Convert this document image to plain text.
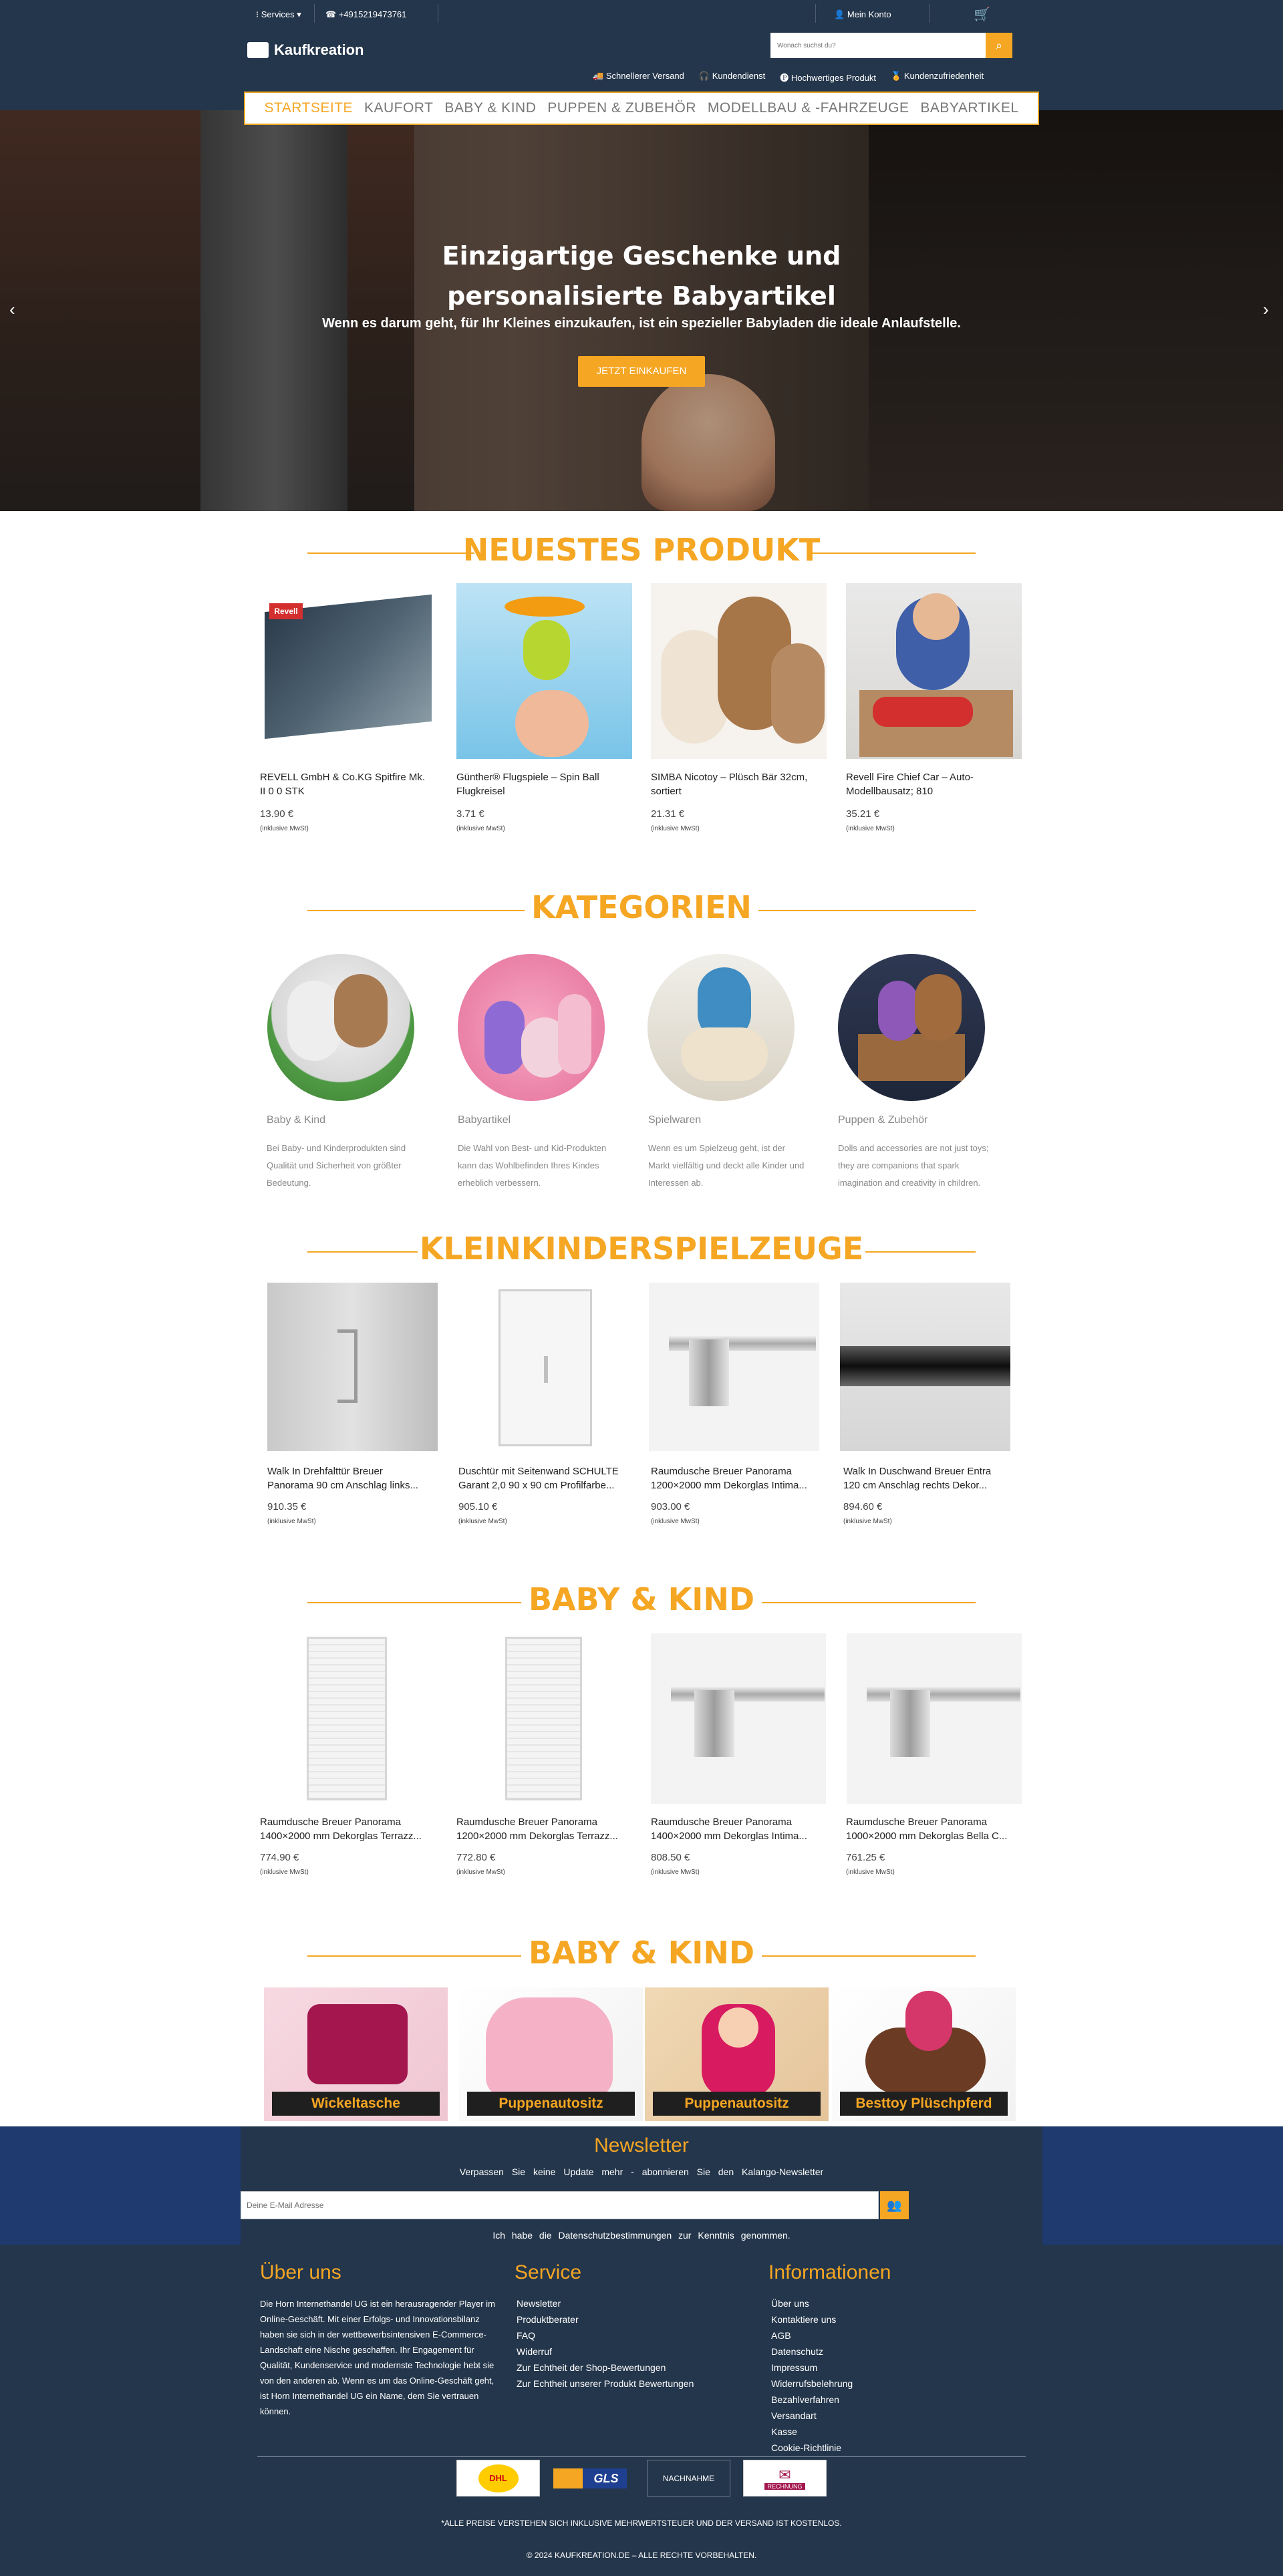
⁝ Services ▾	☎ +4915219473761	👤 Mein Konto	🛒
Kaufkreation
Wonach suchst du?	⌕
🚚 Schnellerer Versand 🎧 Kundendienst 🅟 Hochwertiges Produkt 🏅 Kundenzufriedenheit
STARTSEITE KAUFORT BABY & KIND PUPPEN & ZUBEHÖR MODELLBAU & -FAHRZEUGE BABYARTIKEL
Einzigartige Geschenke und
personalisierte Babyartikel
Wenn es darum geht, für Ihr Kleines einzukaufen, ist ein spezieller Babyladen die ideale Anlaufstelle.
JETZT EINKAUFEN
‹	›
NEUESTES PRODUKT
Revell
REVELL GmbH & Co.KG Spitfire Mk.
II 0 0 STK
13.90 €
(inklusive MwSt)
Günther® Flugspiele – Spin Ball
Flugkreisel
3.71 €
(inklusive MwSt)
SIMBA Nicotoy – Plüsch Bär 32cm,
sortiert
21.31 €
(inklusive MwSt)
Revell Fire Chief Car – Auto-
Modellbausatz; 810
35.21 €
(inklusive MwSt)
KATEGORIEN
Baby & Kind
Bei Baby- und Kinderprodukten sind Qualität und Sicherheit von größter Bedeutung.
Babyartikel
Die Wahl von Best- und Kid-Produkten kann das Wohlbefinden Ihres Kindes erheblich verbessern.
Spielwaren
Wenn es um Spielzeug geht, ist der Markt vielfältig und deckt alle Kinder und Interessen ab.
Puppen & Zubehör
Dolls and accessories are not just toys; they are companions that spark imagination and creativity in children.
KLEINKINDERSPIELZEUGE
Walk In Drehfalttür Breuer
Panorama 90 cm Anschlag links...
910.35 €
(inklusive MwSt)
Duschtür mit Seitenwand SCHULTE
Garant 2,0 90 x 90 cm Profilfarbe...
905.10 €
(inklusive MwSt)
Raumdusche Breuer Panorama
1200×2000 mm Dekorglas Intima...
903.00 €
(inklusive MwSt)
Walk In Duschwand Breuer Entra
120 cm Anschlag rechts Dekor...
894.60 €
(inklusive MwSt)
BABY & KIND
Raumdusche Breuer Panorama
1400×2000 mm Dekorglas Terrazz...
774.90 €
(inklusive MwSt)
Raumdusche Breuer Panorama
1200×2000 mm Dekorglas Terrazz...
772.80 €
(inklusive MwSt)
Raumdusche Breuer Panorama
1400×2000 mm Dekorglas Intima...
808.50 €
(inklusive MwSt)
Raumdusche Breuer Panorama
1000×2000 mm Dekorglas Bella C...
761.25 €
(inklusive MwSt)
BABY & KIND
Wickeltasche	Puppenautositz	Puppenautositz	Besttoy Plüschpferd
Newsletter
Verpassen Sie keine Update mehr - abonnieren Sie den Kalango-Newsletter
Deine E-Mail Adresse
👥
Ich habe die Datenschutzbestimmungen zur Kenntnis genommen.
Über uns
Die Horn Internethandel UG ist ein herausragender Player im Online-Geschäft. Mit einer Erfolgs- und Innovationsbilanz haben sie sich in der wettbewerbsintensiven E-Commerce-Landschaft eine Nische geschaffen. Ihr Engagement für Qualität, Kundenservice und modernste Technologie hebt sie von den anderen ab. Wenn es um das Online-Geschäft geht, ist Horn Internethandel UG ein Name, dem Sie vertrauen können.
Service
Newsletter
Produktberater
FAQ
Widerruf
Zur Echtheit der Shop-Bewertungen
Zur Echtheit unserer Produkt Bewertungen
Informationen
Über uns
Kontaktiere uns
AGB
Datenschutz
Impressum
Widerrufsbelehrung
Bezahlverfahren
Versandart
Kasse
Cookie-Richtlinie
DHL	GLS	NACHNAHME	✉
RECHNUNG
*ALLE PREISE VERSTEHEN SICH INKLUSIVE MEHRWERTSTEUER UND DER VERSAND IST KOSTENLOS.
© 2024 KAUFKREATION.DE – ALLE RECHTE VORBEHALTEN.
